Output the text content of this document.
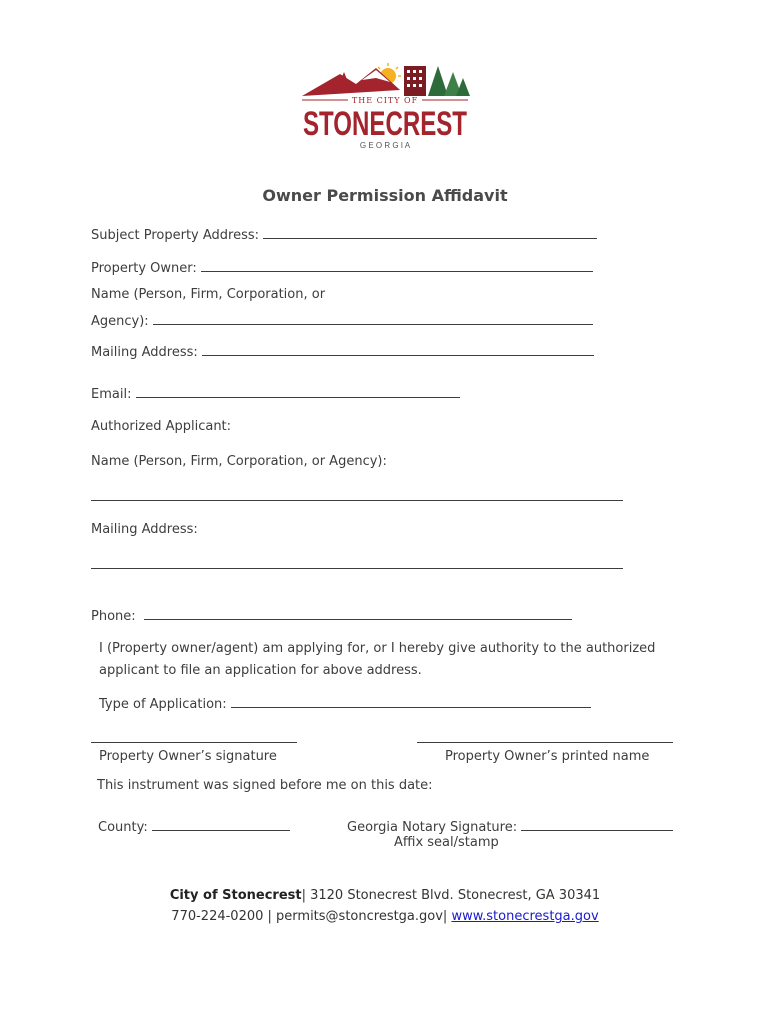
THE CITY OF
STONECREST
G E O R G I A
Owner Permission Affidavit
Subject Property Address:
Property Owner:
Name (Person, Firm, Corporation, or
Agency):
Mailing Address:
Email:
Authorized Applicant:
Name (Person, Firm, Corporation, or Agency):
Mailing Address:
Phone:
I (Property owner/agent) am applying for, or I hereby give authority to the authorized
applicant to file an application for above address.
Type of Application:
Property Owner’s signature	Property Owner’s printed name
This instrument was signed before me on this date:
County:	Georgia Notary Signature:
Affix seal/stamp
City of Stonecrest| 3120 Stonecrest Blvd. Stonecrest, GA 30341
770-224-0200 | permits@stoncrestga.gov| www.stonecrestga.gov
